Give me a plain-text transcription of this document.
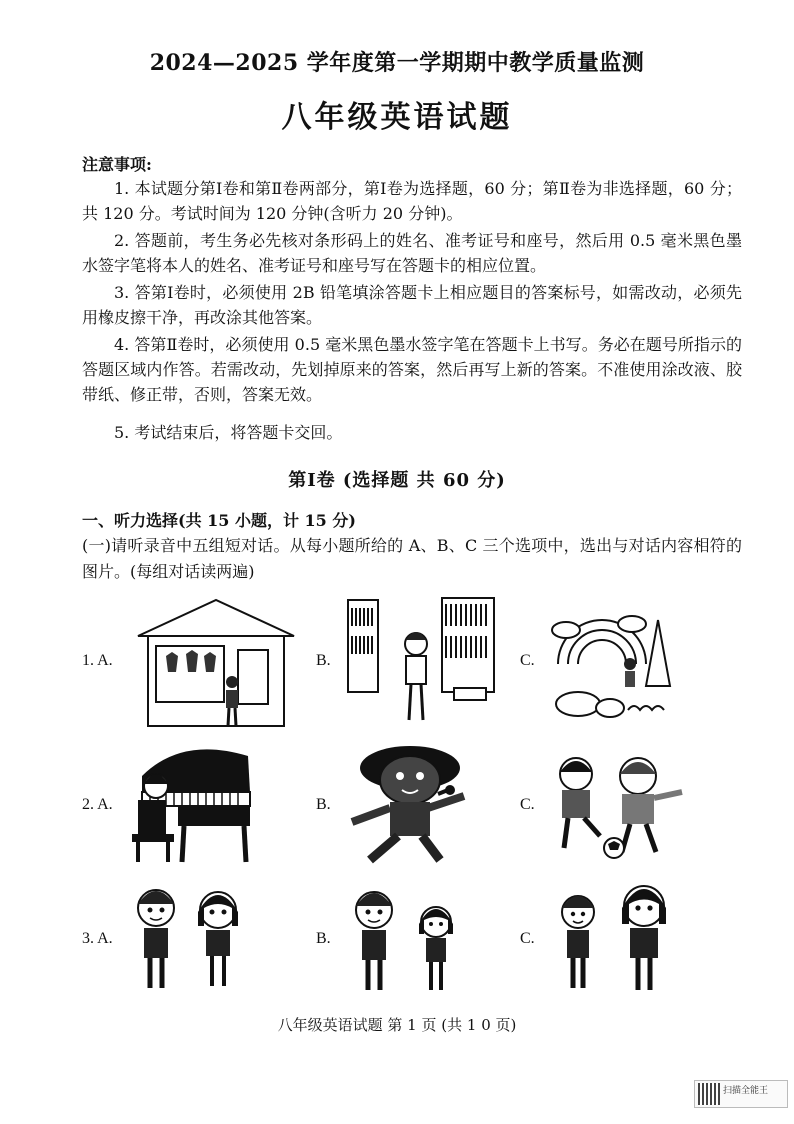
2024—2025 学年度第一学期期中教学质量监测
八年级英语试题
注意事项:
1. 本试题分第Ⅰ卷和第Ⅱ卷两部分，第Ⅰ卷为选择题，60 分；第Ⅱ卷为非选择题，60 分；共 120 分。考试时间为 120 分钟(含听力 20 分钟)。
2. 答题前，考生务必先核对条形码上的姓名、准考证号和座号，然后用 0.5 毫米黑色墨水签字笔将本人的姓名、准考证号和座号写在答题卡的相应位置。
3. 答第Ⅰ卷时，必须使用 2B 铅笔填涂答题卡上相应题目的答案标号，如需改动，必须先用橡皮擦干净，再改涂其他答案。
4. 答第Ⅱ卷时，必须使用 0.5 毫米黑色墨水签字笔在答题卡上书写。务必在题号所指示的答题区域内作答。若需改动，先划掉原来的答案，然后再写上新的答案。不准使用涂改液、胶带纸、修正带，否则，答案无效。
5. 考试结束后，将答题卡交回。
第Ⅰ卷 (选择题 共 60 分)
一、听力选择(共 15 小题，计 15 分)
(一)请听录音中五组短对话。从每小题所给的 A、B、C 三个选项中，选出与对话内容相符的图片。(每组对话读两遍)
1. A.	B.	C.
2. A.	B.	C.
3. A.	B.	C.
八年级英语试题 第 1 页 (共 1 0 页)
扫描全能王
